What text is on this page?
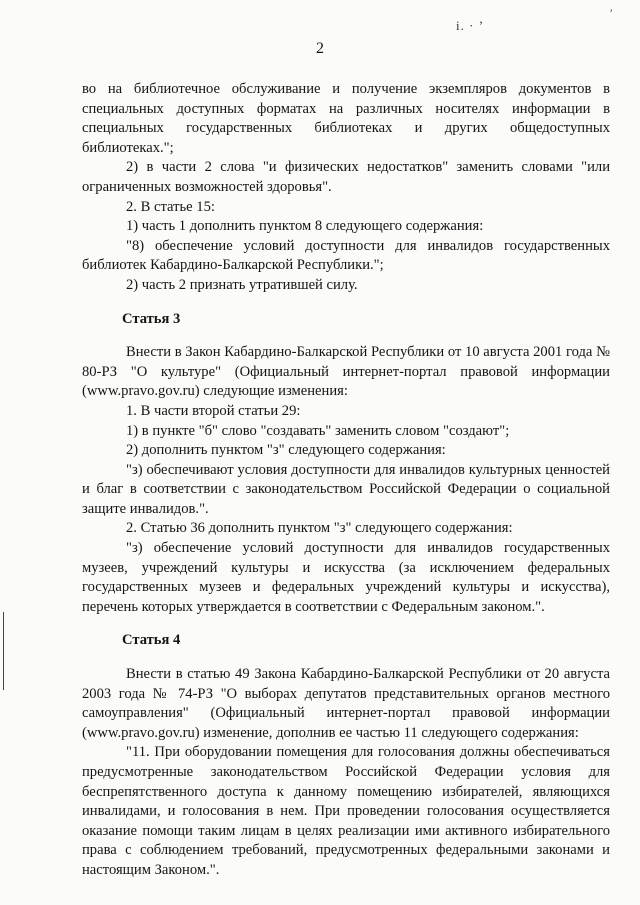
і. · ʼ
′
2

во на библиотечное обслуживание и получение экземпляров документов в специальных доступных форматах на различных носителях информации в специальных государственных библиотеках и других общедоступных библиотеках.";

2) в части 2 слова "и физических недостатков" заменить словами "или ограниченных возможностей здоровья".

2. В статье 15:

1) часть 1 дополнить пунктом 8 следующего содержания:

"8) обеспечение условий доступности для инвалидов государственных библиотек Кабардино-Балкарской Республики.";

2) часть 2 признать утратившей силу.

Статья 3

Внести в Закон Кабардино-Балкарской Республики от 10 августа 2001 года № 80-РЗ "О культуре" (Официальный интернет-портал правовой информации (www.pravo.gov.ru) следующие изменения:

1. В части второй статьи 29:

1) в пункте "б" слово "создавать" заменить словом "создают";

2) дополнить пунктом "з" следующего содержания:

"з) обеспечивают условия доступности для инвалидов культурных ценностей и благ в соответствии с законодательством Российской Федерации о социальной защите инвалидов.".

2. Статью 36 дополнить пунктом "з" следующего содержания:

"з) обеспечение условий доступности для инвалидов государственных музеев, учреждений культуры и искусства (за исключением федеральных государственных музеев и федеральных учреждений культуры и искусства), перечень которых утверждается в соответствии с Федеральным законом.".

Статья 4

Внести в статью 49 Закона Кабардино-Балкарской Республики от 20 августа 2003 года № 74-РЗ "О выборах депутатов представительных органов местного самоуправления" (Официальный интернет-портал правовой информации (www.pravo.gov.ru) изменение, дополнив ее частью 11 следующего содержания:

"11. При оборудовании помещения для голосования должны обеспечиваться предусмотренные законодательством Российской Федерации условия для беспрепятственного доступа к данному помещению избирателей, являющихся инвалидами, и голосования в нем. При проведении голосования осуществляется оказание помощи таким лицам в целях реализации ими активного избирательного права с соблюдением требований, предусмотренных федеральными законами и настоящим Законом.".
